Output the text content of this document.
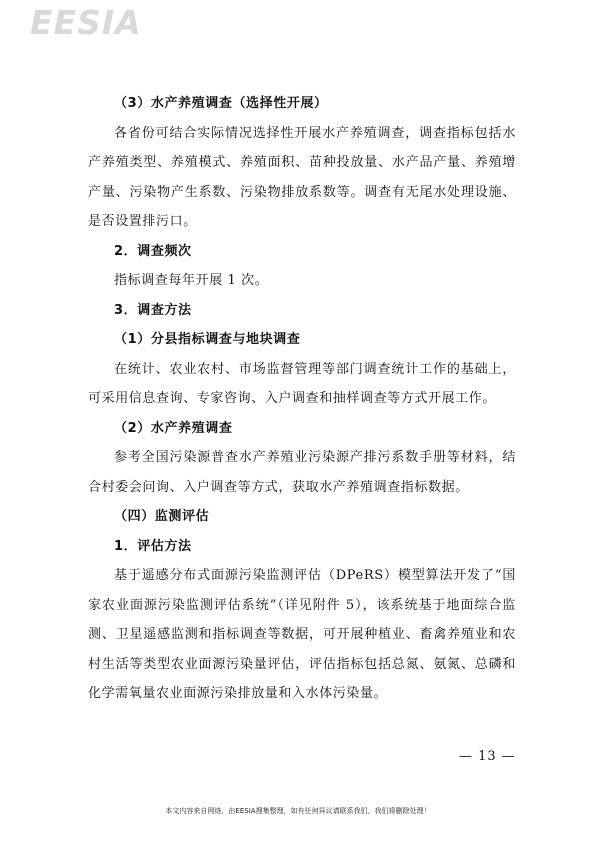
EESIA
（3）水产养殖调查（选择性开展）
各省份可结合实际情况选择性开展水产养殖调查，调查指标包括水产养殖类型、养殖模式、养殖面积、苗种投放量、水产品产量、养殖增产量、污染物产生系数、污染物排放系数等。调查有无尾水处理设施、是否设置排污口。
2．调查频次
指标调查每年开展 1 次。
3．调查方法
（1）分县指标调查与地块调查
在统计、农业农村、市场监督管理等部门调查统计工作的基础上，可采用信息查询、专家咨询、入户调查和抽样调查等方式开展工作。
（2）水产养殖调查
参考全国污染源普查水产养殖业污染源产排污系数手册等材料，结合村委会问询、入户调查等方式，获取水产养殖调查指标数据。
（四）监测评估
1．评估方法
基于遥感分布式面源污染监测评估（DPeRS）模型算法开发了“国家农业面源污染监测评估系统”（详见附件 5），该系统基于地面综合监测、卫星遥感监测和指标调查等数据，可开展种植业、畜禽养殖业和农村生活等类型农业面源污染量评估，评估指标包括总氮、氨氮、总磷和化学需氧量农业面源污染排放量和入水体污染量。
— 13 —
本文内容来自网络，由EESIA搜集整理，如有任何异议请联系我们，我们将删除处理！
